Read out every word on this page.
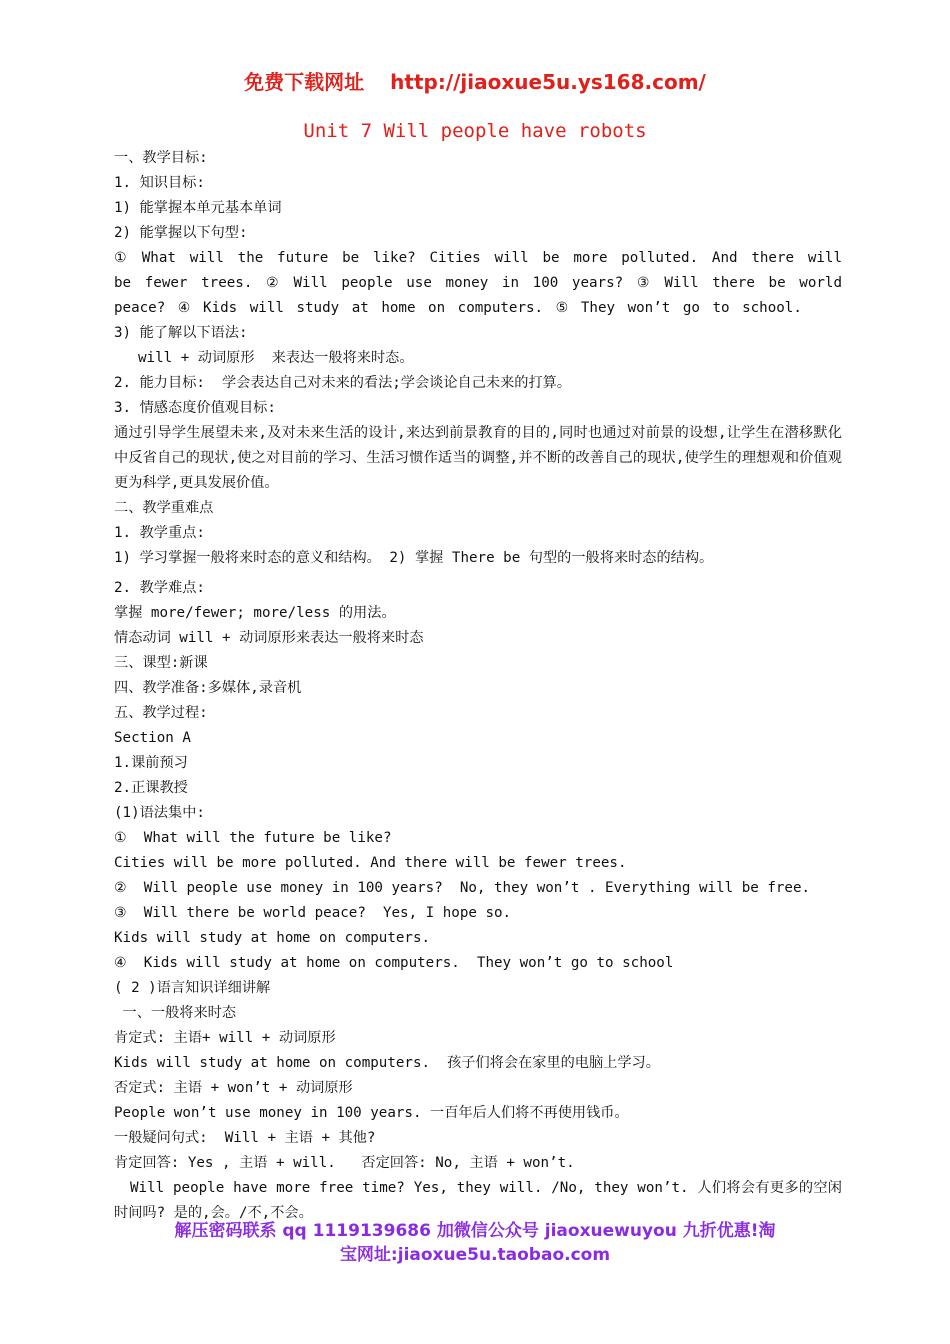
免费下载网址 http://jiaoxue5u.ys168.com/
Unit 7 Will people have robots
一、教学目标:
1. 知识目标:
1) 能掌握本单元基本单词
2) 能掌握以下句型:
① What will the future be like? Cities will be more polluted. And there will be fewer trees. ② Will people use money in 100 years? ③ Will there be world peace? ④ Kids will study at home on computers. ⑤ They won’t go to school.
3) 能了解以下语法:
will + 动词原形  来表达一般将来时态。
2. 能力目标:  学会表达自己对未来的看法;学会谈论自己未来的打算。
3. 情感态度价值观目标:
通过引导学生展望未来,及对未来生活的设计,来达到前景教育的目的,同时也通过对前景的设想,让学生在潜移默化中反省自己的现状,使之对目前的学习、生活习惯作适当的调整,并不断的改善自己的现状,使学生的理想观和价值观更为科学,更具发展价值。
二、教学重难点
1. 教学重点:
1) 学习掌握一般将来时态的意义和结构。 2) 掌握 There be 句型的一般将来时态的结构。
2. 教学难点:
掌握 more/fewer; more/less 的用法。
情态动词 will + 动词原形来表达一般将来时态
三、课型:新课
四、教学准备:多媒体,录音机
五、教学过程:
Section A
1.课前预习
2.正课教授
(1)语法集中:
①  What will the future be like?
Cities will be more polluted. And there will be fewer trees.
②  Will people use money in 100 years?  No, they won’t . Everything will be free.
③  Will there be world peace?  Yes, I hope so.
Kids will study at home on computers.
④  Kids will study at home on computers.  They won’t go to school
( 2 )语言知识详细讲解
一、一般将来时态
肯定式: 主语+ will + 动词原形
Kids will study at home on computers.  孩子们将会在家里的电脑上学习。
否定式: 主语 + won’t + 动词原形
People won’t use money in 100 years. 一百年后人们将不再使用钱币。
一般疑问句式:  Will + 主语 + 其他?
肯定回答: Yes , 主语 + will.   否定回答: No, 主语 + won’t.
Will people have more free time? Yes, they will. /No, they won’t. 人们将会有更多的空闲时间吗? 是的,会。/不,不会。
解压密码联系 qq 1119139686 加微信公众号 jiaoxuewuyou 九折优惠!淘
宝网址:jiaoxue5u.taobao.com
